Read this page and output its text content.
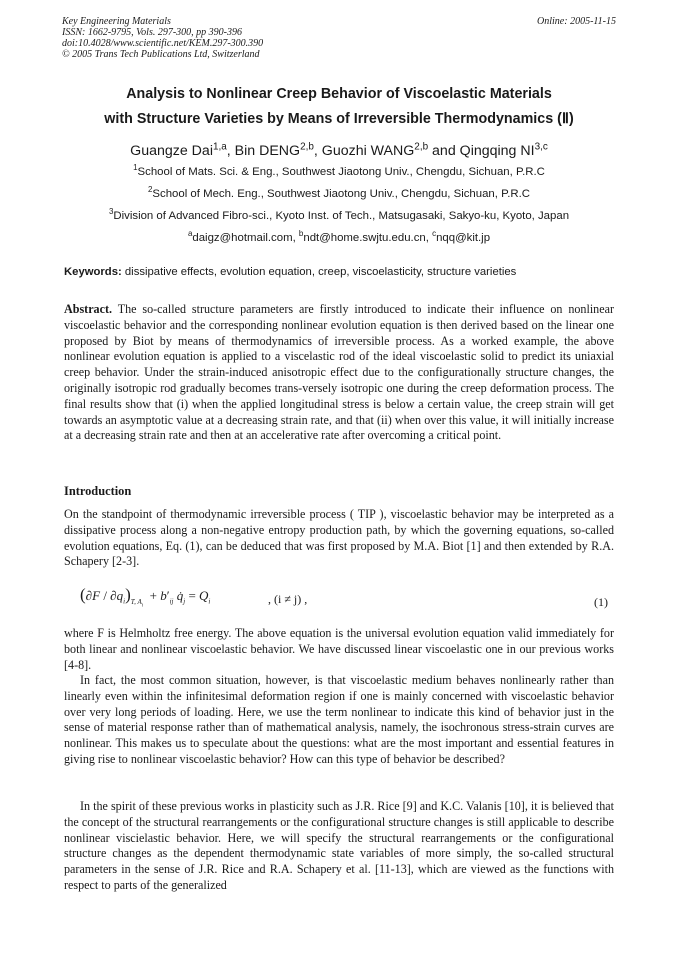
Key Engineering Materials
ISSN: 1662-9795, Vols. 297-300, pp 390-396
doi:10.4028/www.scientific.net/KEM.297-300.390
© 2005 Trans Tech Publications Ltd, Switzerland
Online: 2005-11-15
Analysis to Nonlinear Creep Behavior of Viscoelastic Materials
with Structure Varieties by Means of Irreversible Thermodynamics (Ⅱ)
Guangze Dai$^{1,a}$, Bin DENG$^{2,b}$, Guozhi WANG$^{2,b}$ and Qingqing NI$^{3,c}$
$^1$School of Mats. Sci. & Eng., Southwest Jiaotong Univ., Chengdu, Sichuan, P.R.C
$^2$School of Mech. Eng., Southwest Jiaotong Univ., Chengdu, Sichuan, P.R.C
$^3$Division of Advanced Fibro-sci., Kyoto Inst. of Tech., Matsugasaki, Sakyo-ku, Kyoto, Japan
$^a$daigz@hotmail.com, $^b$ndt@home.swjtu.edu.cn, $^c$nqq@kit.jp
Keywords: dissipative effects, evolution equation, creep, viscoelasticity, structure varieties
Abstract. The so-called structure parameters are firstly introduced to indicate their influence on nonlinear viscoelastic behavior and the corresponding nonlinear evolution equation is then derived based on the linear one proposed by Biot by means of thermodynamics of irreversible process. As a worked example, the above nonlinear evolution equation is applied to a viscelastic rod of the ideal viscoelastic solid to predict its uniaxial creep behavior. Under the strain-induced anisotropic effect due to the configurationally structure changes, the originally isotropic rod gradually becomes trans-versely isotropic one during the creep deformation process. The final results show that (i) when the applied longitudinal stress is below a certain value, the creep strain will get towards an asymptotic value at a decreasing strain rate, and that (ii) when over this value, it will initially increase at a decreasing strain rate and then at an accelerative rate after overcoming a critical point.
Introduction
On the standpoint of thermodynamic irreversible process ( TIP ), viscoelastic behavior may be interpreted as a dissipative process along a non-negative entropy production path, by which the governing equations, so-called evolution equations, Eq. (1), can be deduced that was first proposed by M.A. Biot [1] and then extended by R.A. Schapery [2-3].
$(\partial F / \partial q_i)_{T, A_i} + b'_{ij}$ $q̇_j = Q_i$	, (i ≠ j) ,	(1)
where F is Helmholtz free energy. The above equation is the universal evolution equation valid immediately for both linear and nonlinear viscoelastic behavior. We have discussed linear viscoelastic one in our previous works [4-8].
In fact, the most common situation, however, is that viscoelastic medium behaves nonlinearly rather than linearly even within the infinitesimal deformation region if one is mainly concerned with viscoelastic behavior over very long periods of loading. Here, we use the term nonlinear to indicate this kind of behavior just in the sense of material response rather than of mathematical analysis, namely, the isochronous stress-strain curves are nonlinear. This makes us to speculate about the questions: what are the most important and essential features in giving rise to nonlinear viscoelastic behavior? How can this type of behavior be described?
In the spirit of these previous works in plasticity such as J.R. Rice [9] and K.C. Valanis [10], it is believed that the concept of the structural rearrangements or the configurational structure changes is still applicable to describe nonlinear viscielastic behavior. Here, we will specify the structural rearrangements or the configurational structure changes as the dependent thermodynamic state variables of more simply, the so-called structural parameters in the sense of J.R. Rice and R.A. Schapery et al. [11-13], which are viewed as the functions with respect to parts of the generalized
